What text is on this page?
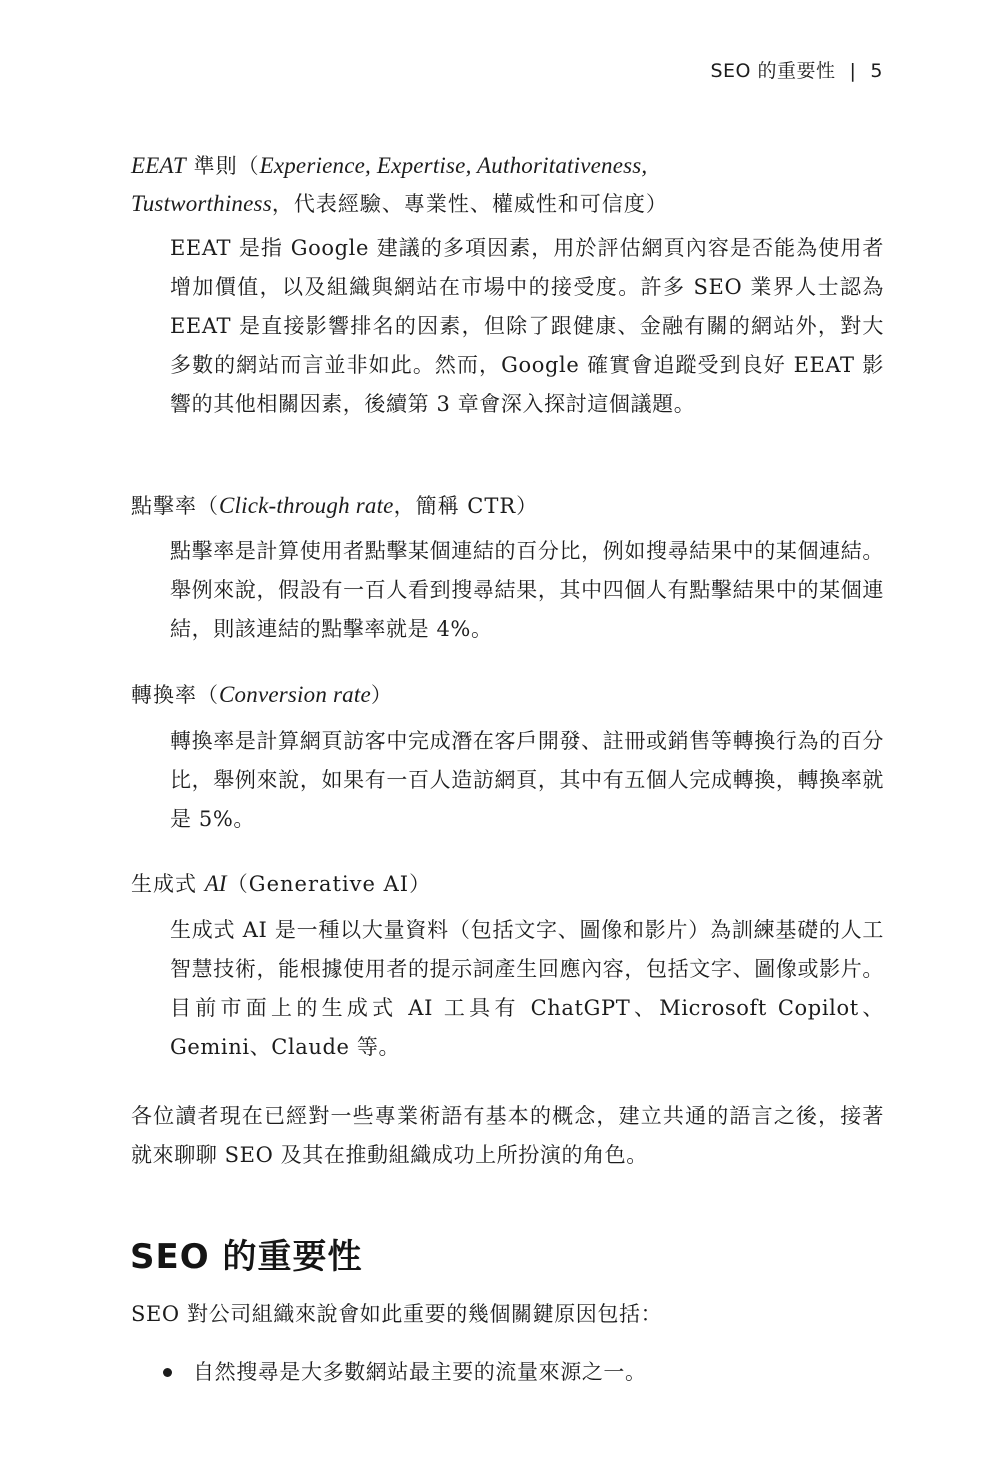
SEO 的重要性 | 5
EEAT 準則（Experience, Expertise, Authoritativeness,
Tustworthiness，代表經驗、專業性、權威性和可信度）
EEAT 是指 Google 建議的多項因素，用於評估網頁內容是否能為使用者增加價值，以及組織與網站在市場中的接受度。許多 SEO 業界人士認為 EEAT 是直接影響排名的因素，但除了跟健康、金融有關的網站外，對大多數的網站而言並非如此。然而，Google 確實會追蹤受到良好 EEAT 影響的其他相關因素，後續第 3 章會深入探討這個議題。
點擊率（Click-through rate，簡稱 CTR）
點擊率是計算使用者點擊某個連結的百分比，例如搜尋結果中的某個連結。舉例來說，假設有一百人看到搜尋結果，其中四個人有點擊結果中的某個連結，則該連結的點擊率就是 4%。
轉換率（Conversion rate）
轉換率是計算網頁訪客中完成潛在客戶開發、註冊或銷售等轉換行為的百分比，舉例來說，如果有一百人造訪網頁，其中有五個人完成轉換，轉換率就是 5%。
生成式 AI（Generative AI）
生成式 AI 是一種以大量資料（包括文字、圖像和影片）為訓練基礎的人工智慧技術，能根據使用者的提示詞產生回應內容，包括文字、圖像或影片。目前市面上的生成式 AI 工具有 ChatGPT、Microsoft Copilot、Gemini、Claude 等。
各位讀者現在已經對一些專業術語有基本的概念，建立共通的語言之後，接著就來聊聊 SEO 及其在推動組織成功上所扮演的角色。
SEO 的重要性
SEO 對公司組織來說會如此重要的幾個關鍵原因包括：
自然搜尋是大多數網站最主要的流量來源之一。
